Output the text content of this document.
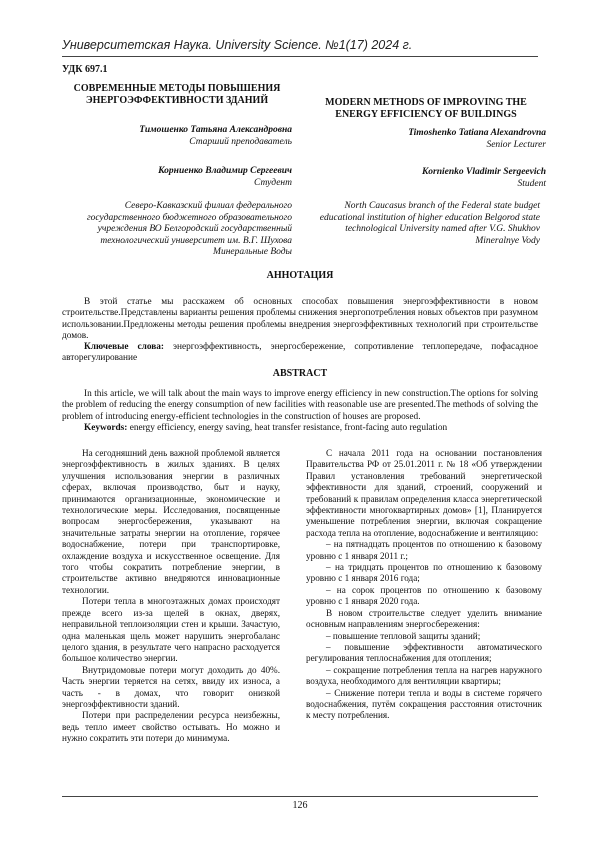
Университетская Наука. University Science. №1(17) 2024 г.
УДК 697.1
СОВРЕМЕННЫЕ МЕТОДЫ ПОВЫШЕНИЯ ЭНЕРГОЭФФЕКТИВНОСТИ ЗДАНИЙ	MODERN METHODS OF IMPROVING THE ENERGY EFFICIENCY OF BUILDINGS
Тимошенко Татьяна Александровна
Старший преподаватель
Корниенко Владимир Сергеевич
Студент
Timoshenko Tatiana Alexandrovna
Senior Lecturer
Kornienko Vladimir Sergeevich
Student
Северо-Кавказский филиал федерального государственного бюджетного образовательного учреждения ВО Белгородский государственный технологический университет им. В.Г. Шухова Минеральные Воды
North Caucasus branch of the Federal state budget educational institution of higher education Belgorod state technological University named after V.G. Shukhov Mineralnye Vody
АННОТАЦИЯ

В этой статье мы расскажем об основных способах повышения энергоэффективности в новом строительстве.Представлены варианты решения проблемы снижения энергопотребления новых объектов при разумном использовании.Предложены методы решения проблемы внедрения энергоэффективных технологий при строительстве домов.

Ключевые слова: энергоэффективность, энергосбережение, сопротивление теплопередаче, пофасадное авторегулирование

ABSTRACT

In this article, we will talk about the main ways to improve energy efficiency in new construction.The options for solving the problem of reducing the energy consumption of new facilities with reasonable use are presented.The methods of solving the problem of introducing energy-efficient technologies in the construction of houses are proposed.

Keywords: energy efficiency, energy saving, heat transfer resistance, front-facing auto regulation

На сегодняшний день важной проблемой является энергоэффективность в жилых зданиях. В целях улучшения использования энергии в различных сферах, включая производство, быт и науку, принимаются организационные, экономические и технологические меры. Исследования, посвященные вопросам энергосбережения, указывают на значительные затраты энергии на отопление, горячее водоснабжение, потери при транспортировке, охлаждение воздуха и искусственное освещение. Для того чтобы сократить потребление энергии, в строительстве активно внедряются инновационные технологии.

Потери тепла в многоэтажных домах происходят прежде всего из-за щелей в окнах, дверях, неправильной теплоизоляции стен и крыши. Зачастую, одна маленькая щель может нарушить энергобаланс целого здания, в результате чего напрасно расходуется большое количество энергии.

Внутридомовые потери могут доходить до 40%. Часть энергии теряется на сетях, ввиду их износа, а часть - в домах, что говорит онизкой энергоэффективности зданий.

Потери при распределении ресурса неизбежны, ведь тепло имеет свойство остывать. Но можно и нужно сократить эти потери до минимума.

С начала 2011 года на основании постановления Правительства РФ от 25.01.2011 г. № 18 «Об утверждении Правил установления требований энергетической эффективности для зданий, строений, сооружений и требований к правилам определения класса энергетической эффективности многоквартирных домов» [1], Планируется уменьшение потребления энергии, включая сокращение расхода тепла на отопление, водоснабжение и вентиляцию:

– на пятнадцать процентов по отношению к базовому уровню с 1 января 2011 г.;

– на тридцать процентов по отношению к базовому уровню с 1 января 2016 года;

– на сорок процентов по отношению к базовому уровню с 1 января 2020 года.

В новом строительстве следует уделить внимание основным направлениям энергосбережения:

– повышение тепловой защиты зданий;

– повышение эффективности автоматического регулирования теплоснабжения для отопления;

– сокращение потребления тепла на нагрев наружного воздуха, необходимого для вентиляции квартиры;

– Снижение потери тепла и воды в системе горячего водоснабжения, путём сокращения расстояния отисточник к месту потребления.

126
